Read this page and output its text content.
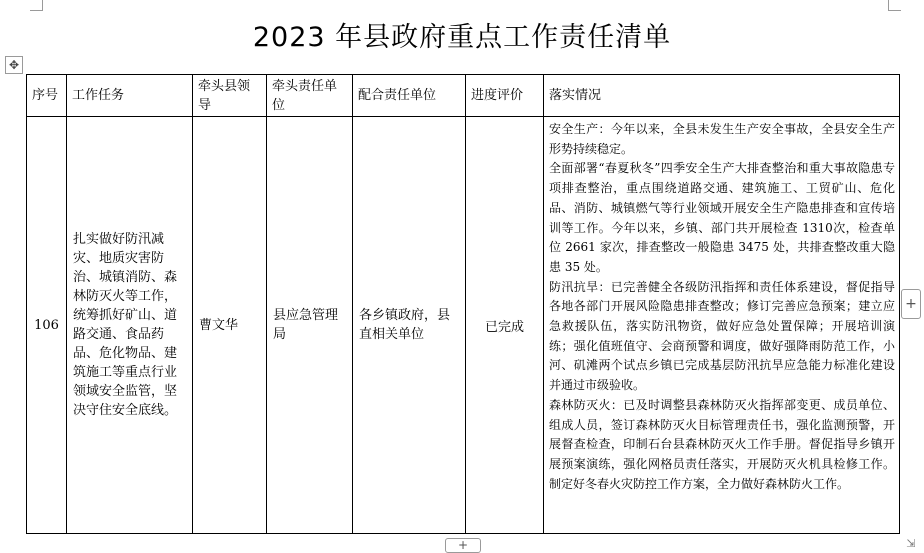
2023 年县政府重点工作责任清单
✥
序号	工作任务	牵头县领导	牵头责任单位	配合责任单位	进度评价	落实情况
106	扎实做好防汛减灾、地质灾害防治、城镇消防、森林防灭火等工作，统筹抓好矿山、道路交通、食品药品、危化物品、建筑施工等重点行业领域安全监管，坚决守住安全底线。	曹文华	县应急管理局	各乡镇政府，县直相关单位	已完成	安全生产：今年以来，全县未发生生产安全事故，全县安全生产形势持续稳定。

全面部署“春夏秋冬”四季安全生产大排查整治和重大事故隐患专项排查整治，重点围绕道路交通、建筑施工、工贸矿山、危化品、消防、城镇燃气等行业领域开展安全生产隐患排查和宣传培训等工作。今年以来，乡镇、部门共开展检查 1310次，检查单位 2661 家次，排查整改一般隐患 3475 处，共排查整改重大隐患 35 处。

防汛抗旱：已完善健全各级防汛指挥和责任体系建设，督促指导各地各部门开展风险隐患排查整改；修订完善应急预案；建立应急救援队伍，落实防汛物资，做好应急处置保障；开展培训演练；强化值班值守、会商预警和调度，做好强降雨防范工作，小河、矶滩两个试点乡镇已完成基层防汛抗旱应急能力标准化建设并通过市级验收。

森林防灭火：已及时调整县森林防灭火指挥部变更、成员单位、组成人员，签订森林防灭火目标管理责任书，强化监测预警，开展督查检查，印制石台县森林防灭火工作手册。督促指导乡镇开展预案演练，强化网格员责任落实，开展防灭火机具检修工作。制定好冬春火灾防控工作方案，全力做好森林防火工作。

+
+	⇲
